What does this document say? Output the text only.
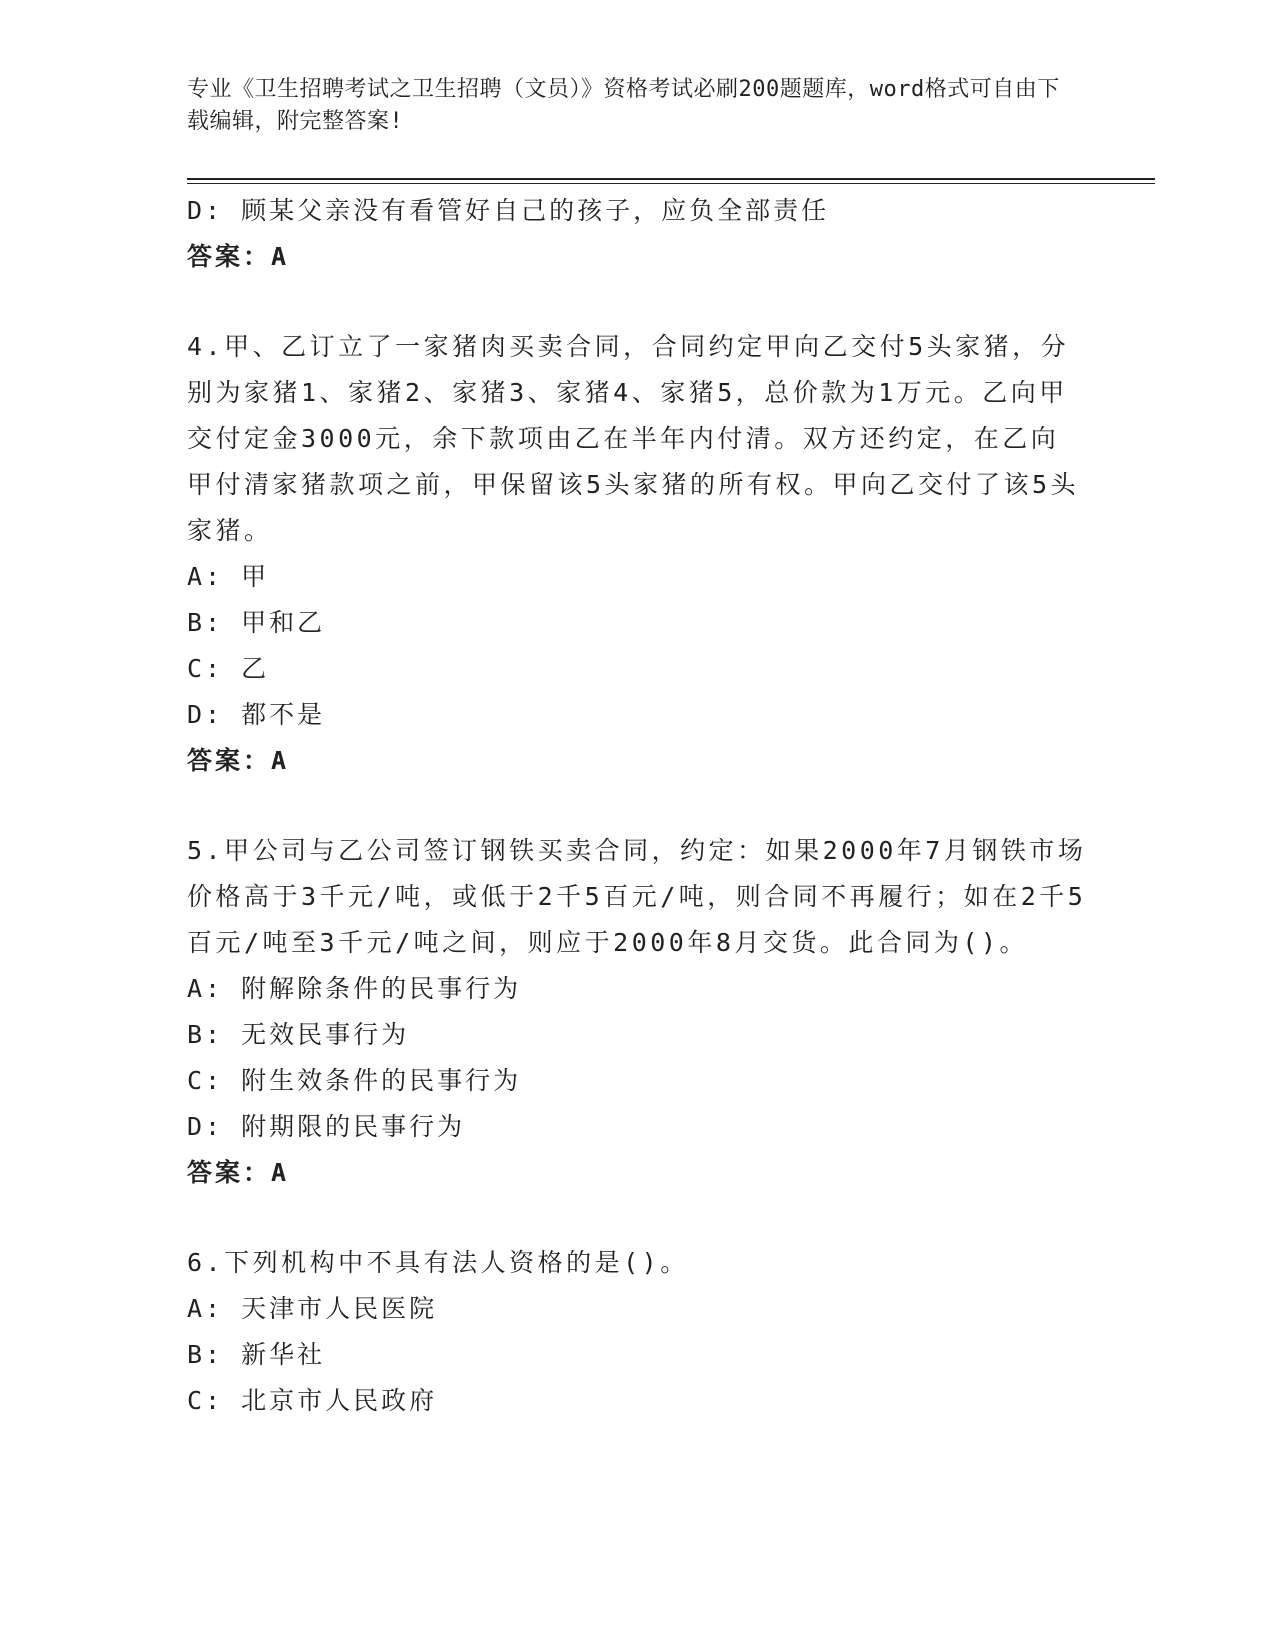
专业《卫生招聘考试之卫生招聘（文员）》资格考试必刷200题题库，word格式可自由下载编辑，附完整答案!

D: 顾某父亲没有看管好自己的孩子，应负全部责任

答案：A

4.甲、乙订立了一家猪肉买卖合同，合同约定甲向乙交付5头家猪，分别为家猪1、家猪2、家猪3、家猪4、家猪5，总价款为1万元。乙向甲交付定金3000元，余下款项由乙在半年内付清。双方还约定，在乙向甲付清家猪款项之前，甲保留该5头家猪的所有权。甲向乙交付了该5头家猪。

A: 甲

B: 甲和乙

C: 乙

D: 都不是

答案：A

5.甲公司与乙公司签订钢铁买卖合同，约定：如果2000年7月钢铁市场价格高于3千元/吨，或低于2千5百元/吨，则合同不再履行；如在2千5百元/吨至3千元/吨之间，则应于2000年8月交货。此合同为()。

A: 附解除条件的民事行为

B: 无效民事行为

C: 附生效条件的民事行为

D: 附期限的民事行为

答案：A

6.下列机构中不具有法人资格的是()。

A: 天津市人民医院

B: 新华社

C: 北京市人民政府
